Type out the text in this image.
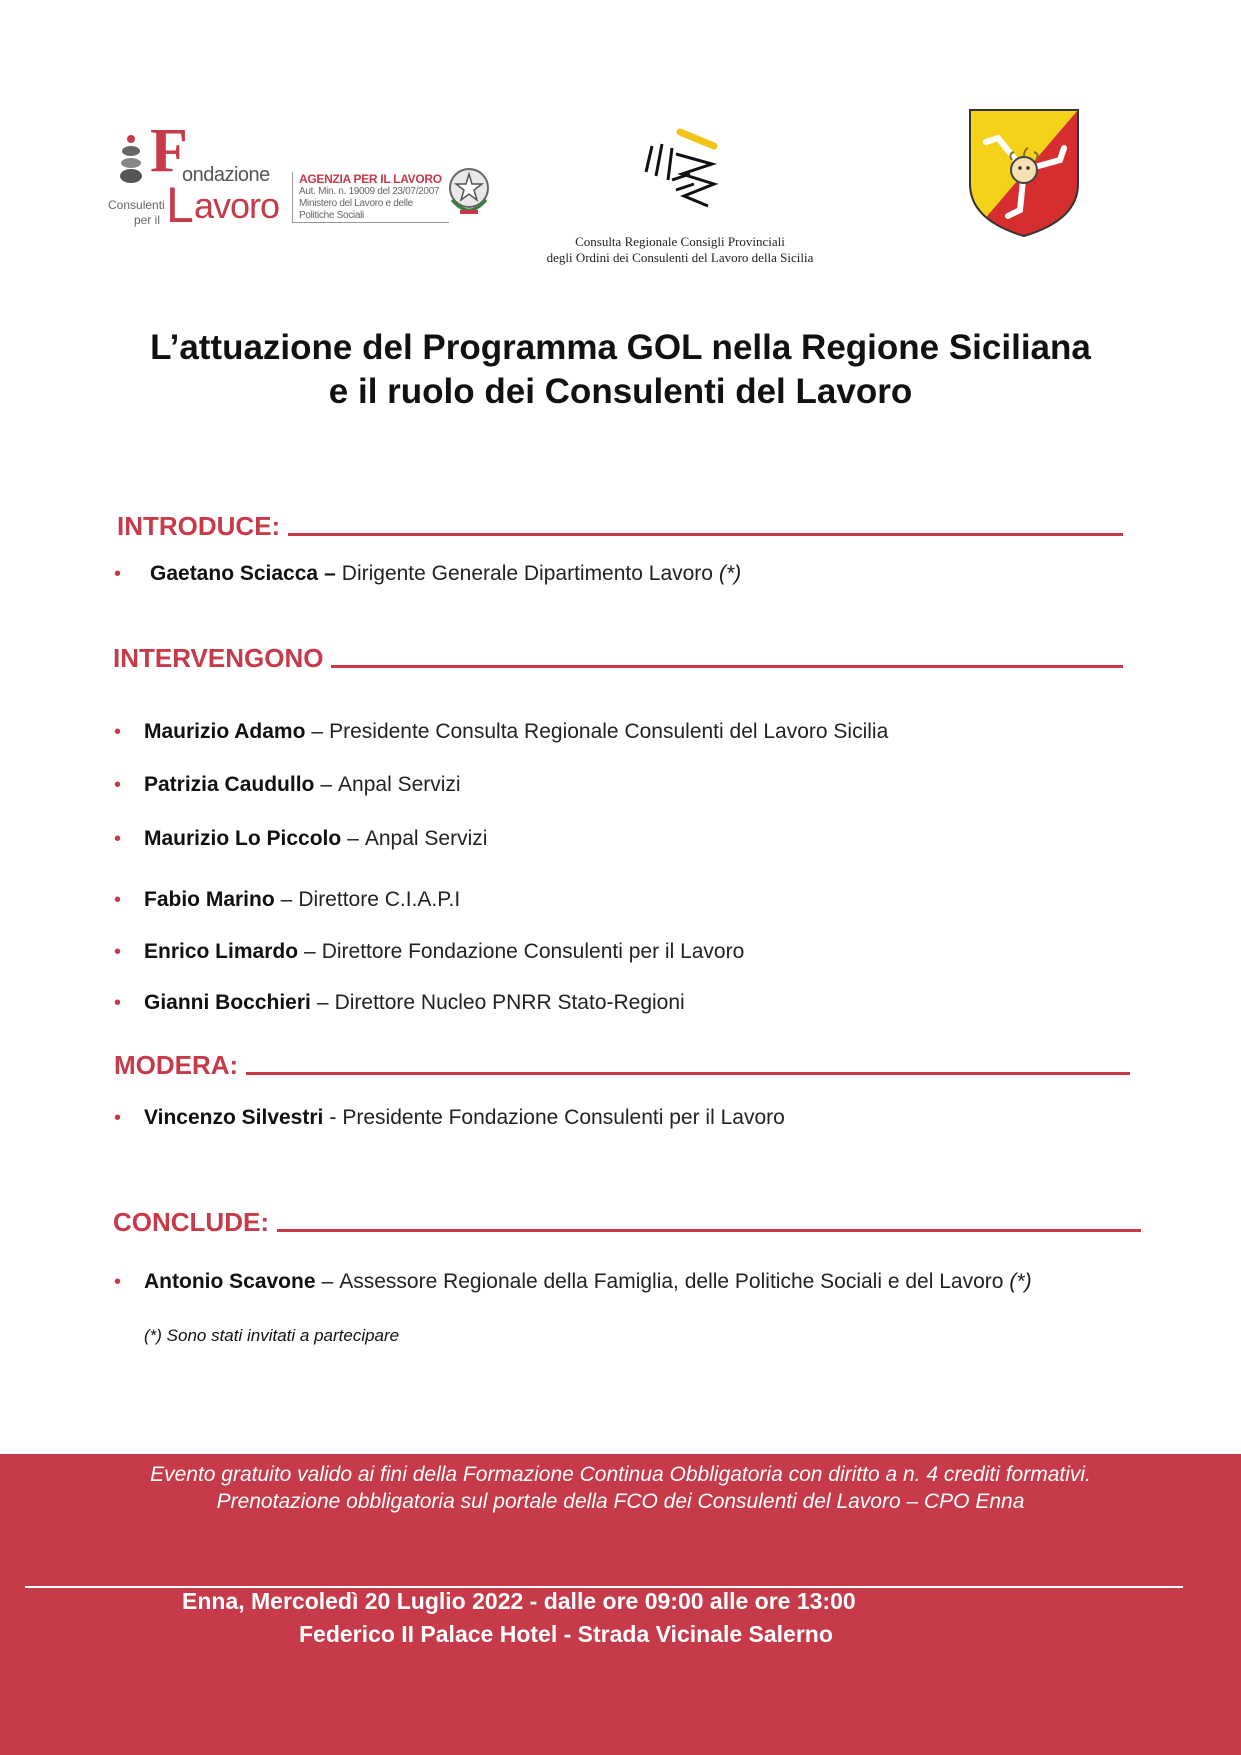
F
ondazione
Consulenti
per il L avoro
AGENZIA PER IL LAVORO
Aut. Min. n. 19009 del 23/07/2007
Ministero del Lavoro e delle Politiche Sociali
Consulta Regionale Consigli Provinciali
degli Ordini dei Consulenti del Lavoro della Sicilia
L’attuazione del Programma GOL nella Regione Siciliana
e il ruolo dei Consulenti del Lavoro
INTRODUCE:
•	Gaetano Sciacca – Dirigente Generale Dipartimento Lavoro (*)
INTERVENGONO
•	Maurizio Adamo – Presidente Consulta Regionale Consulenti del Lavoro Sicilia
•	Patrizia Caudullo – Anpal Servizi
•	Maurizio Lo Piccolo – Anpal Servizi
•	Fabio Marino – Direttore C.I.A.P.I
•	Enrico Limardo – Direttore Fondazione Consulenti per il Lavoro
•	Gianni Bocchieri – Direttore Nucleo PNRR Stato-Regioni
MODERA:
•	Vincenzo Silvestri - Presidente Fondazione Consulenti per il Lavoro
CONCLUDE:
•	Antonio Scavone – Assessore Regionale della Famiglia, delle Politiche Sociali e del Lavoro (*)
(*) Sono stati invitati a partecipare
Evento gratuito valido ai fini della Formazione Continua Obbligatoria con diritto a n. 4 crediti formativi.
Prenotazione obbligatoria sul portale della FCO dei Consulenti del Lavoro – CPO Enna
Enna, Mercoledì 20 Luglio 2022 - dalle ore 09:00 alle ore 13:00
Federico II Palace Hotel - Strada Vicinale Salerno
